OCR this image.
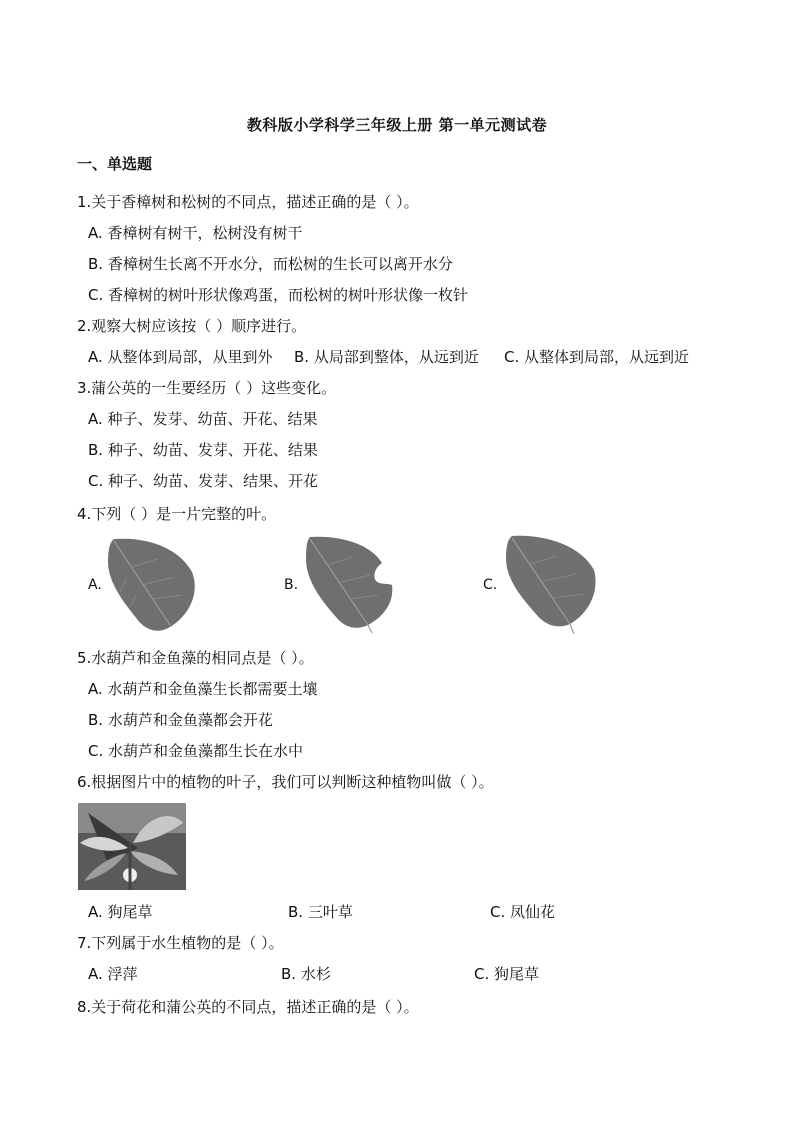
教科版小学科学三年级上册 第一单元测试卷
一、单选题
1.关于香樟树和松树的不同点，描述正确的是（ ）。
A. 香樟树有树干，松树没有树干
B. 香樟树生长离不开水分，而松树的生长可以离开水分
C. 香樟树的树叶形状像鸡蛋，而松树的树叶形状像一枚针
2.观察大树应该按（ ）顺序进行。
A. 从整体到局部，从里到外 B. 从局部到整体，从远到近 C. 从整体到局部，从远到近
3.蒲公英的一生要经历（ ）这些变化。
A. 种子、发芽、幼苗、开花、结果
B. 种子、幼苗、发芽、开花、结果
C. 种子、幼苗、发芽、结果、开花
4.下列（ ）是一片完整的叶。
A.	B.	C.
5.水葫芦和金鱼藻的相同点是（ ）。
A. 水葫芦和金鱼藻生长都需要土壤
B. 水葫芦和金鱼藻都会开花
C. 水葫芦和金鱼藻都生长在水中
6.根据图片中的植物的叶子，我们可以判断这种植物叫做（ ）。
A. 狗尾草	B. 三叶草	C. 凤仙花
7.下列属于水生植物的是（ ）。
A. 浮萍	B. 水杉	C. 狗尾草
8.关于荷花和蒲公英的不同点，描述正确的是（ ）。
